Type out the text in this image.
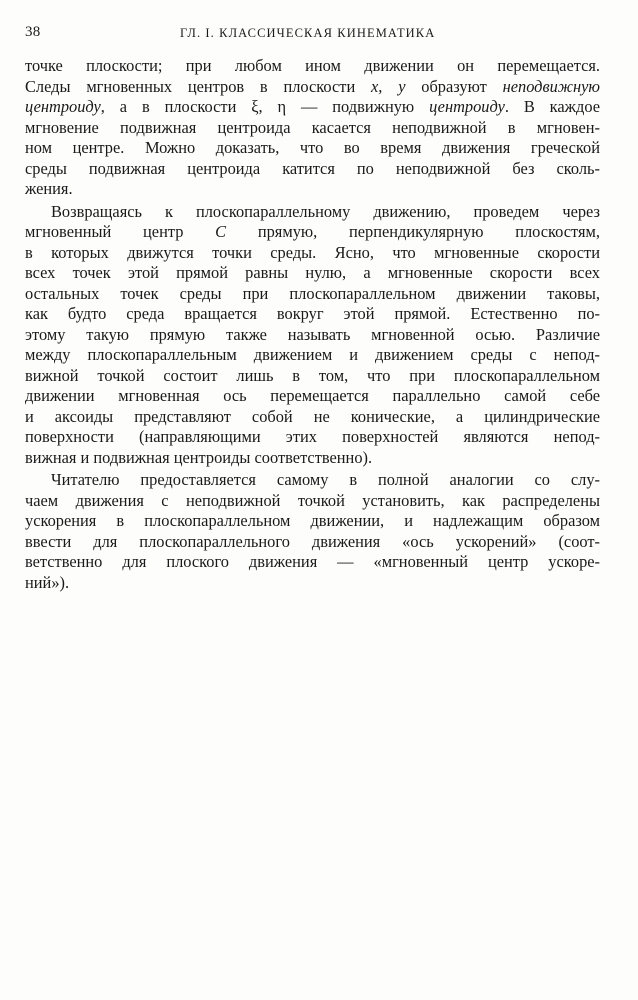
38	ГЛ. I. КЛАССИЧЕСКАЯ КИНЕМАТИКА

точке плоскости; при любом ином движении он перемещается.
Следы мгновенных центров в плоскости x, y образуют неподвижную
центроиду, а в плоскости ξ, η — подвижную центроиду. В каждое
мгновение подвижная центроида касается неподвижной в мгновен-
ном центре. Можно доказать, что во время движения греческой
среды подвижная центроида катится по неподвижной без сколь-
жения.

Возвращаясь к плоскопараллельному движению, проведем через
мгновенный центр C прямую, перпендикулярную плоскостям,
в которых движутся точки среды. Ясно, что мгновенные скорости
всех точек этой прямой равны нулю, а мгновенные скорости всех
остальных точек среды при плоскопараллельном движении таковы,
как будто среда вращается вокруг этой прямой. Естественно по-
этому такую прямую также называть мгновенной осью. Различие
между плоскопараллельным движением и движением среды с непод-
вижной точкой состоит лишь в том, что при плоскопараллельном
движении мгновенная ось перемещается параллельно самой себе
и аксоиды представляют собой не конические, а цилиндрические
поверхности (направляющими этих поверхностей являются непод-
вижная и подвижная центроиды соответственно).

Читателю предоставляется самому в полной аналогии со слу-
чаем движения с неподвижной точкой установить, как распределены
ускорения в плоскопараллельном движении, и надлежащим образом
ввести для плоскопараллельного движения «ось ускорений» (соот-
ветственно для плоского движения — «мгновенный центр ускоре-
ний»).
